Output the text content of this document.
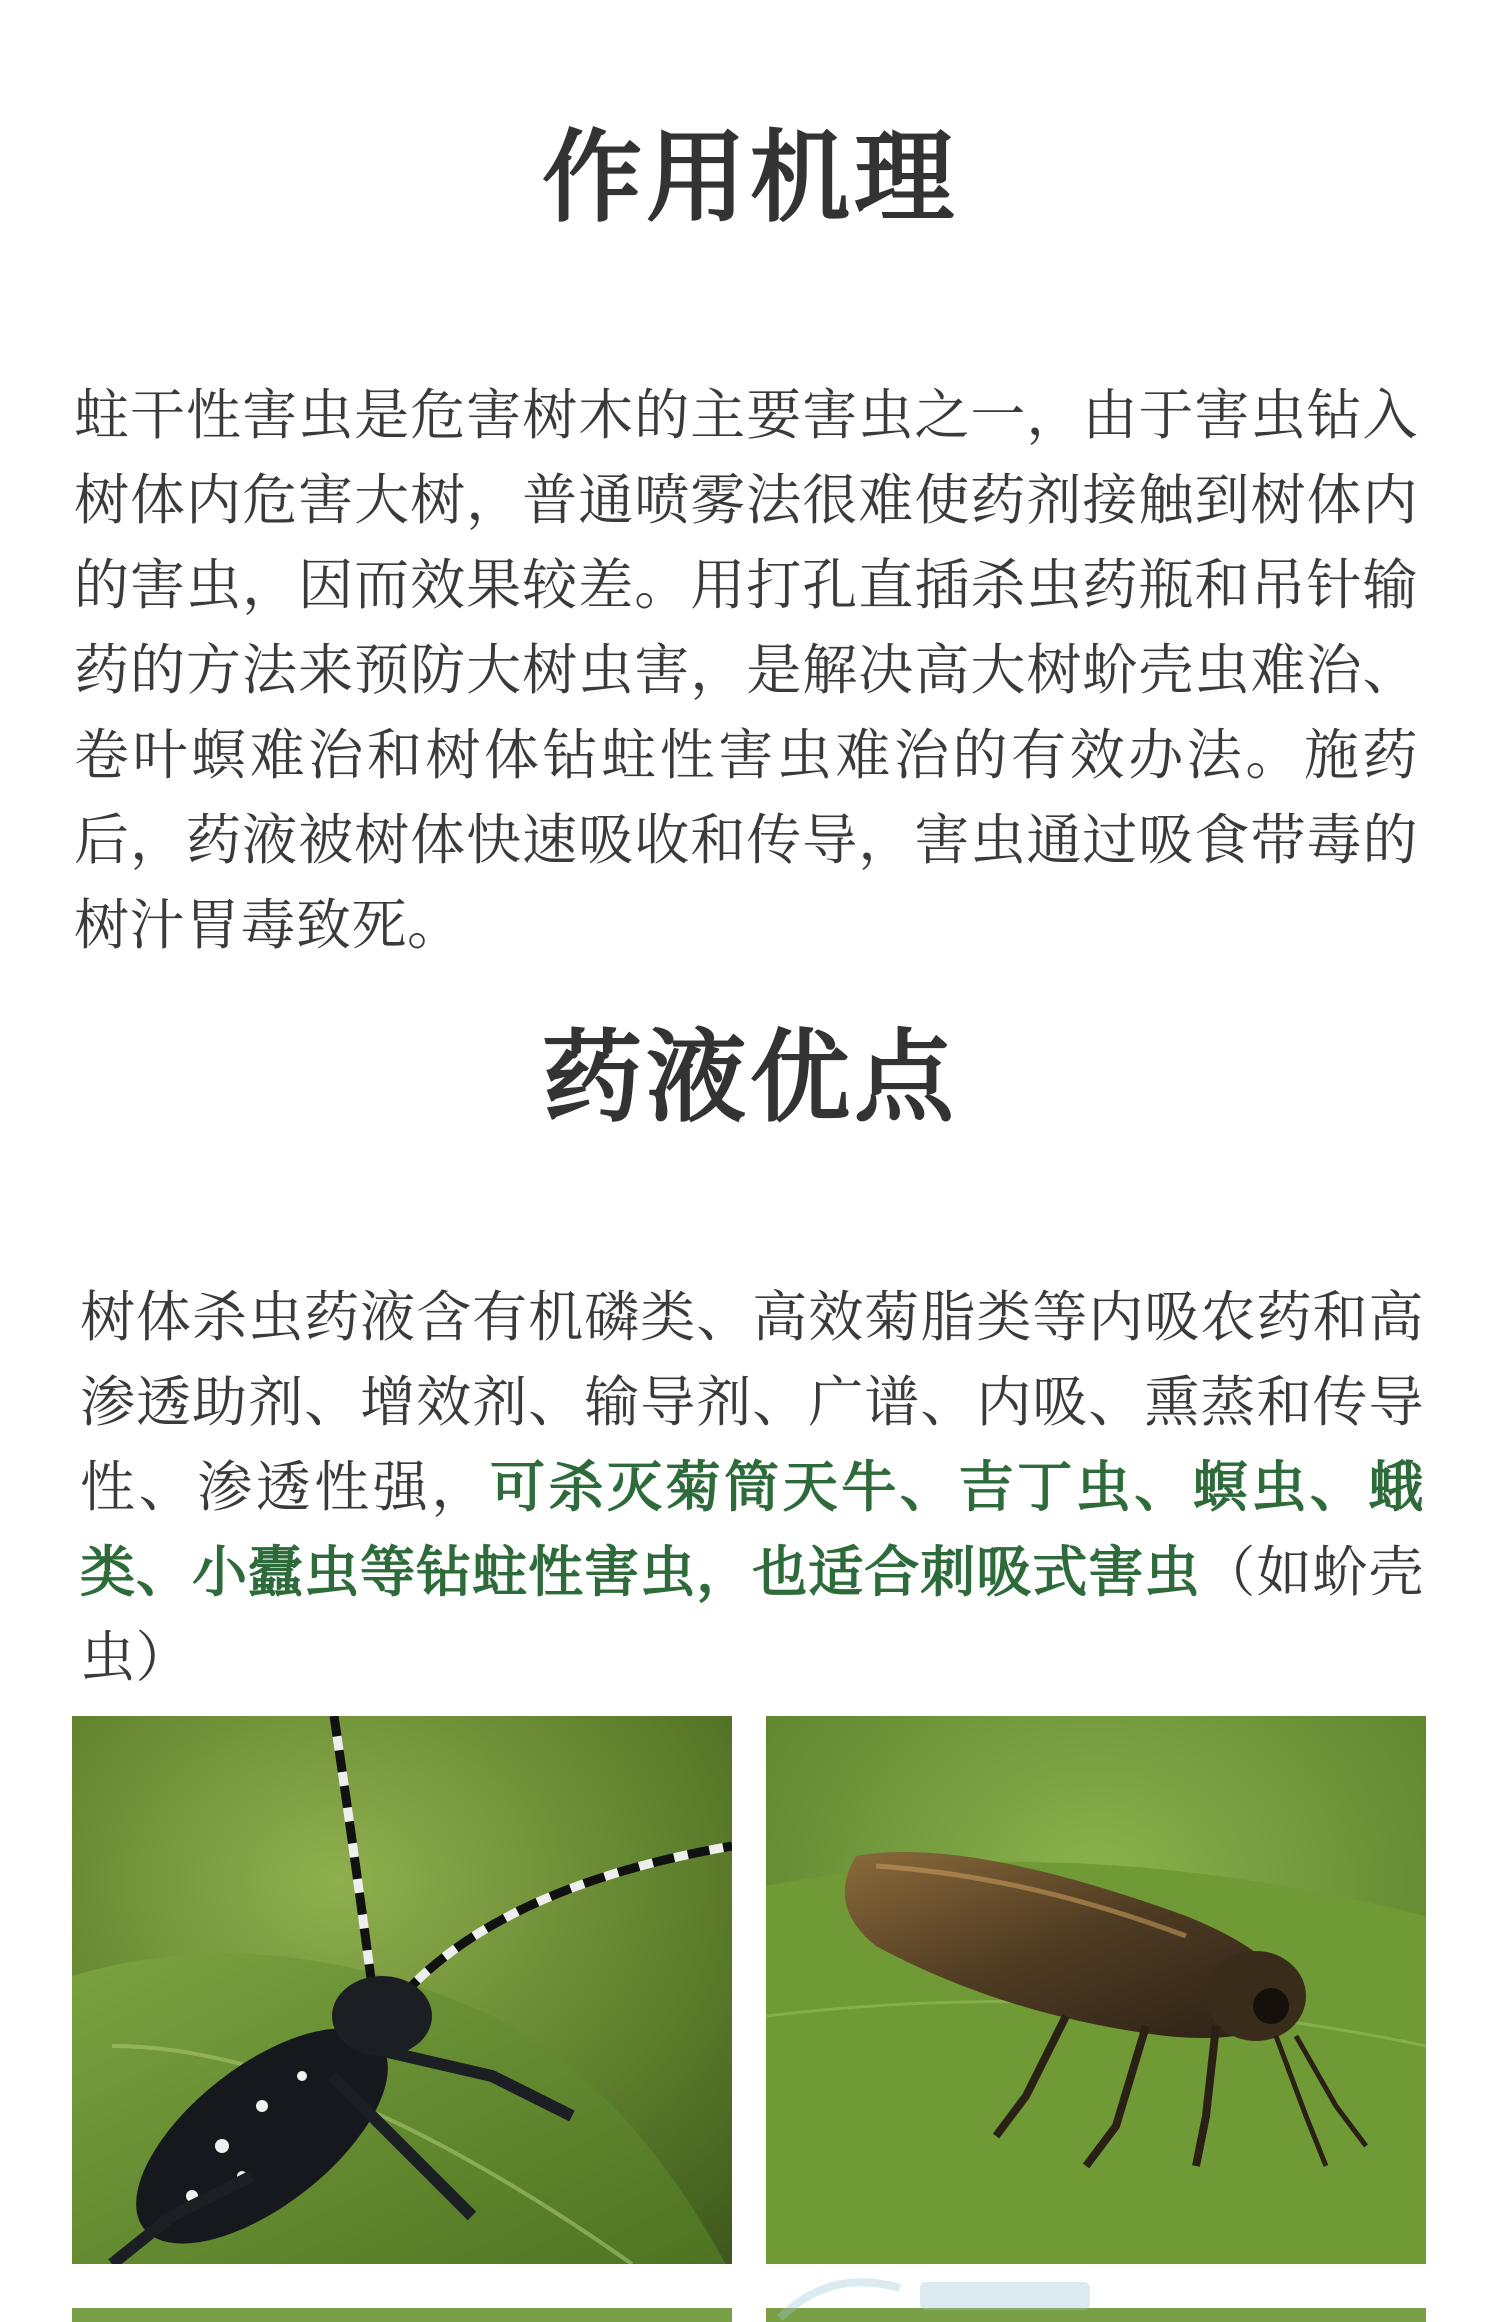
作用机理

蛀干性害虫是危害树木的主要害虫之一，由于害虫钻入树体内危害大树，普通喷雾法很难使药剂接触到树体内的害虫，因而效果较差。用打孔直插杀虫药瓶和吊针输药的方法来预防大树虫害，是解决高大树蚧壳虫难治、卷叶螟难治和树体钻蛀性害虫难治的有效办法。施药后，药液被树体快速吸收和传导，害虫通过吸食带毒的树汁胃毒致死。

药液优点

树体杀虫药液含有机磷类、高效菊脂类等内吸农药和高渗透助剂、增效剂、输导剂、广谱、内吸、熏蒸和传导性、渗透性强，可杀灭菊筒天牛、吉丁虫、螟虫、蛾类、小蠹虫等钻蛀性害虫，也适合刺吸式害虫（如蚧壳虫）
